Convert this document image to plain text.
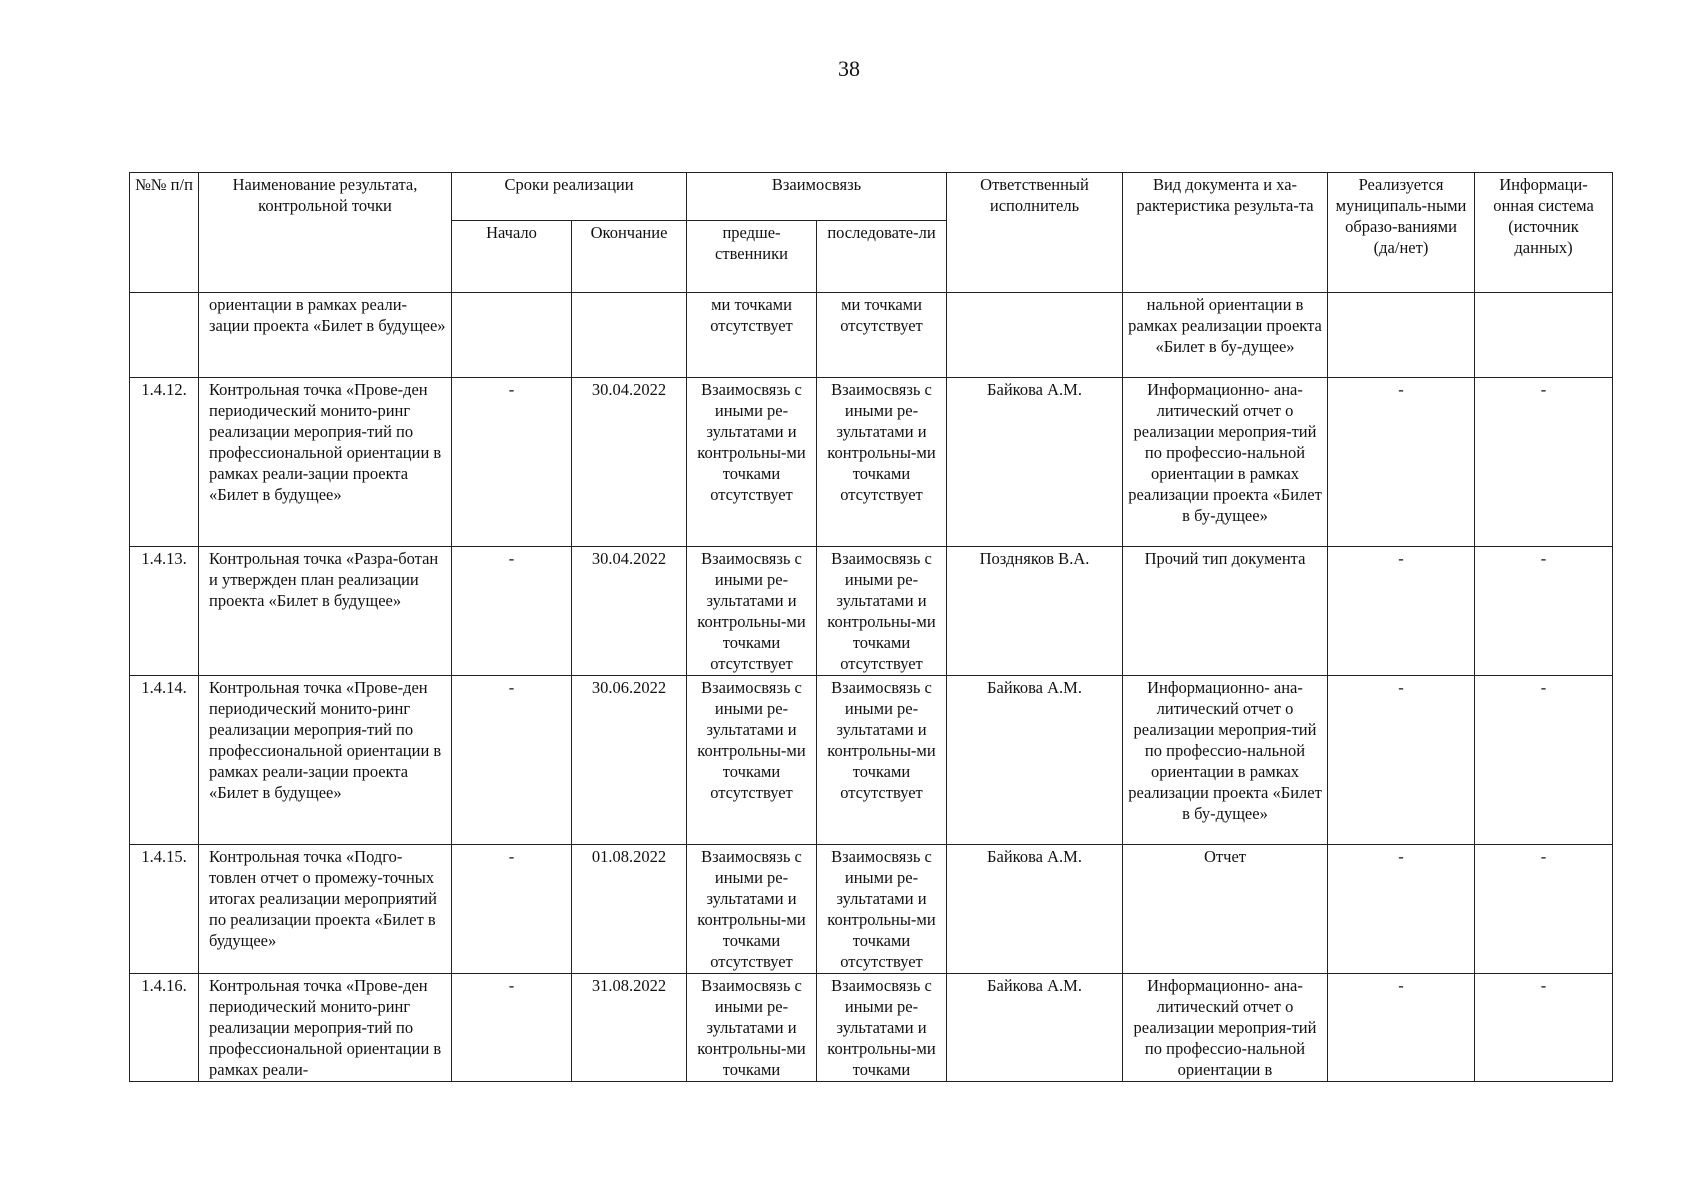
38
№№ п/п	Наименование результата, контрольной точки	Сроки реализации		Взаимосвязь		Ответственный исполнитель	Вид документа и ха-рактеристика результа-та	Реализуется муниципаль-ными образо-ваниями (да/нет)	Информаци-онная система (источник данных)
		Начало	Окончание	предше-ственники	последовате-ли				
	ориентации в рамках реали-зации проекта «Билет в будущее»			ми точками отсутствует	ми точками отсутствует		нальной ориентации в рамках реализации проекта «Билет в бу-дущее»		
1.4.12.	Контрольная точка «Прове-ден периодический монито-ринг реализации мероприя-тий по профессиональной ориентации в рамках реали-зации проекта «Билет в будущее»	-	30.04.2022	Взаимосвязь с иными ре-зультатами и контрольны-ми точками отсутствует	Взаимосвязь с иными ре-зультатами и контрольны-ми точками отсутствует	Байкова А.М.	Информационно- ана-литический отчет о реализации мероприя-тий по профессио-нальной ориентации в рамках реализации проекта «Билет в бу-дущее»	-	-
1.4.13.	Контрольная точка «Разра-ботан и утвержден план реализации проекта «Билет в будущее»	-	30.04.2022	Взаимосвязь с иными ре-зультатами и контрольны-ми точками отсутствует	Взаимосвязь с иными ре-зультатами и контрольны-ми точками отсутствует	Поздняков В.А.	Прочий тип документа	-	-
1.4.14.	Контрольная точка «Прове-ден периодический монито-ринг реализации мероприя-тий по профессиональной ориентации в рамках реали-зации проекта «Билет в будущее»	-	30.06.2022	Взаимосвязь с иными ре-зультатами и контрольны-ми точками отсутствует	Взаимосвязь с иными ре-зультатами и контрольны-ми точками отсутствует	Байкова А.М.	Информационно- ана-литический отчет о реализации мероприя-тий по профессио-нальной ориентации в рамках реализации проекта «Билет в бу-дущее»	-	-
1.4.15.	Контрольная точка «Подго-товлен отчет о промежу-точных итогах реализации мероприятий по реализации проекта «Билет в будущее»	-	01.08.2022	Взаимосвязь с иными ре-зультатами и контрольны-ми точками отсутствует	Взаимосвязь с иными ре-зультатами и контрольны-ми точками отсутствует	Байкова А.М.	Отчет	-	-
1.4.16.	Контрольная точка «Прове-ден периодический монито-ринг реализации мероприя-тий по профессиональной ориентации в рамках реали-	-	31.08.2022	Взаимосвязь с иными ре-зультатами и контрольны-ми точками	Взаимосвязь с иными ре-зультатами и контрольны-ми точками	Байкова А.М.	Информационно- ана-литический отчет о реализации мероприя-тий по профессио-нальной ориентации в	-	-
